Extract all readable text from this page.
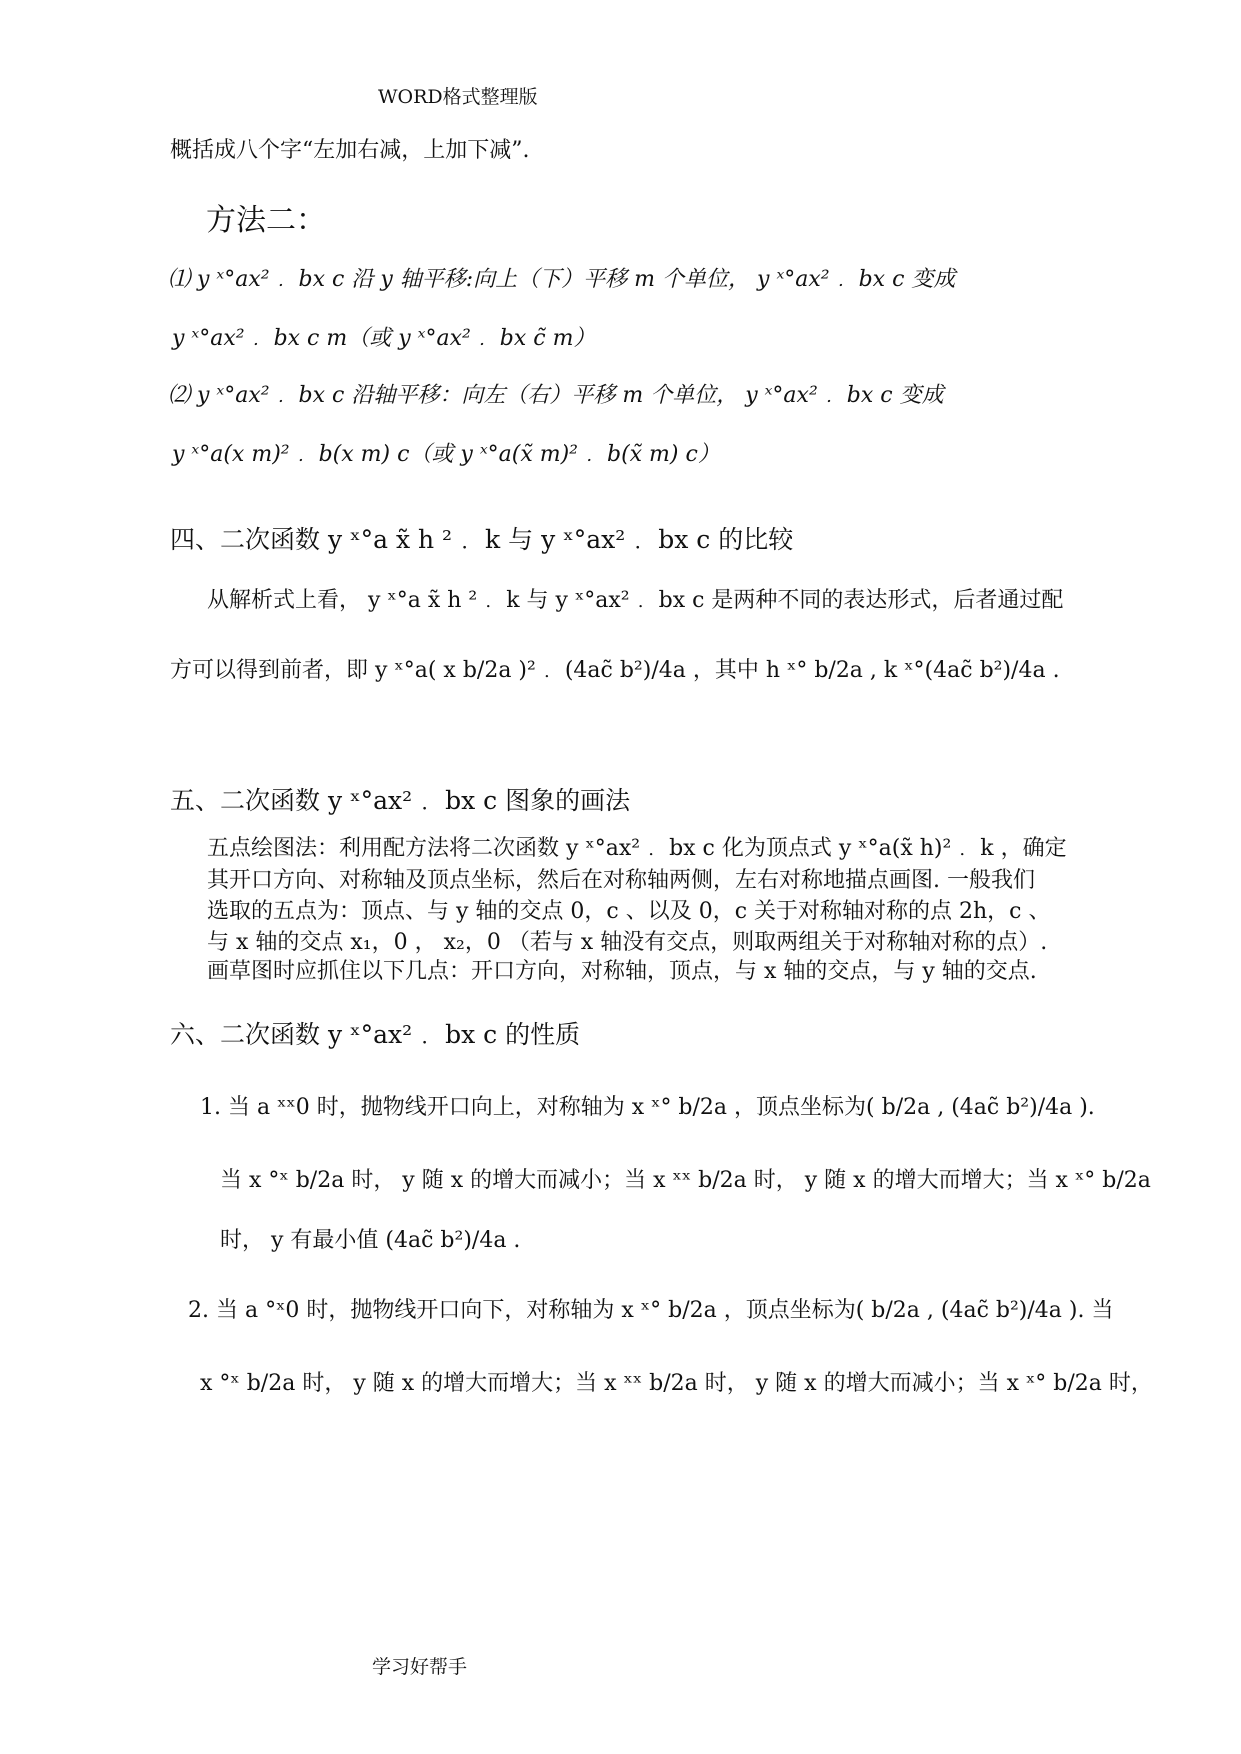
WORD格式整理版
概括成八个字“左加右减，上加下减”.
方法二：
⑴ y ˣ°ax²﹒ bx c 沿 y 轴平移:向上（下）平移 m 个单位， y ˣ°ax²﹒ bx c 变成
y ˣ°ax²﹒ bx c m（或 y ˣ°ax²﹒ bx c̃ m）
⑵ y ˣ°ax²﹒ bx c 沿轴平移：向左（右）平移 m 个单位， y ˣ°ax²﹒ bx c 变成
y ˣ°a(x m)²﹒ b(x m) c（或 y ˣ°a(x̃ m)²﹒ b(x̃ m) c）
四、二次函数 y ˣ°a x̃ h ²﹒ k 与 y ˣ°ax²﹒ bx c 的比较
从解析式上看， y ˣ°a x̃ h ²﹒ k 与 y ˣ°ax²﹒ bx c 是两种不同的表达形式，后者通过配
方可以得到前者，即 y ˣ°a( x b/2a )²﹒ (4ac̃ b²)/4a ，其中 h ˣ° b/2a , k ˣ°(4ac̃ b²)/4a .
五、二次函数 y ˣ°ax²﹒ bx c 图象的画法
五点绘图法：利用配方法将二次函数 y ˣ°ax²﹒ bx c 化为顶点式 y ˣ°a(x̃ h)²﹒ k ，确定
其开口方向、对称轴及顶点坐标，然后在对称轴两侧，左右对称地描点画图. 一般我们
选取的五点为：顶点、与 y 轴的交点 0，c 、以及 0，c 关于对称轴对称的点 2h，c 、
与 x 轴的交点 x₁，0 ， x₂，0 （若与 x 轴没有交点，则取两组关于对称轴对称的点）.
画草图时应抓住以下几点：开口方向，对称轴，顶点，与 x 轴的交点，与 y 轴的交点.
六、二次函数 y ˣ°ax²﹒ bx c 的性质
1. 当 a ˣˣ0 时，抛物线开口向上，对称轴为 x ˣ° b/2a ，顶点坐标为( b/2a , (4ac̃ b²)/4a ).
当 x °ˣ b/2a 时， y 随 x 的增大而减小；当 x ˣˣ b/2a 时， y 随 x 的增大而增大；当 x ˣ° b/2a
时， y 有最小值 (4ac̃ b²)/4a .
2. 当 a °ˣ0 时，抛物线开口向下，对称轴为 x ˣ° b/2a ，顶点坐标为( b/2a , (4ac̃ b²)/4a ). 当
x °ˣ b/2a 时， y 随 x 的增大而增大；当 x ˣˣ b/2a 时， y 随 x 的增大而减小；当 x ˣ° b/2a 时，
学习好帮手
